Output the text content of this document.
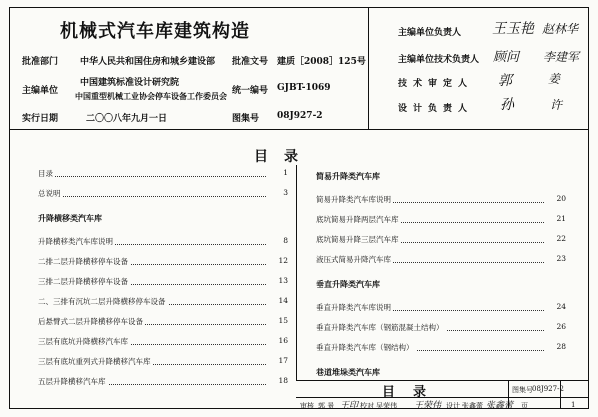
机械式汽车库建筑构造
批准部门 中华人民共和国住房和城乡建设部 批准文号 建质［2008］125号
主编单位
中国建筑标准设计研究院
中国重型机械工业协会停车设备工作委员会 统一编号 GJBT-1069
实行日期	二〇〇八年九月一日	图集号 08J927-2
主编单位负责人 王玉艳 赵林华
主编单位技术负责人 顾问 李建军
技术审定人 郭	姜
设计负责人 孙	许
目录
目录	1
总说明	3
升降横移类汽车库
升降横移类汽车库说明	8
二排二层升降横移停车设备	12
三排二层升降横移停车设备	13
二、三排有沉坑二层升降横移停车设备	14
后悬臂式二层升降横移停车设备	15
三层有底坑升降横移汽车库	16
三层有底坑重列式升降横移汽车库	17
五层升降横移汽车库	18
简易升降类汽车库
简易升降类汽车库说明	20
底坑简易升降两层汽车库	21
底坑简易升降三层汽车库	22
液压式简易升降汽车库	23
垂直升降类汽车库
垂直升降类汽车库说明	24
垂直升降类汽车库（钢筋混凝土结构）	26
垂直升降类汽车库（钢结构）	28
巷道堆垛类汽车库
目录	图集号 08J927-2
审核 郭 景 王印 校对 吴荣伟 王荣伟 设计 张鑫蕾 张鑫蕾 页	1
